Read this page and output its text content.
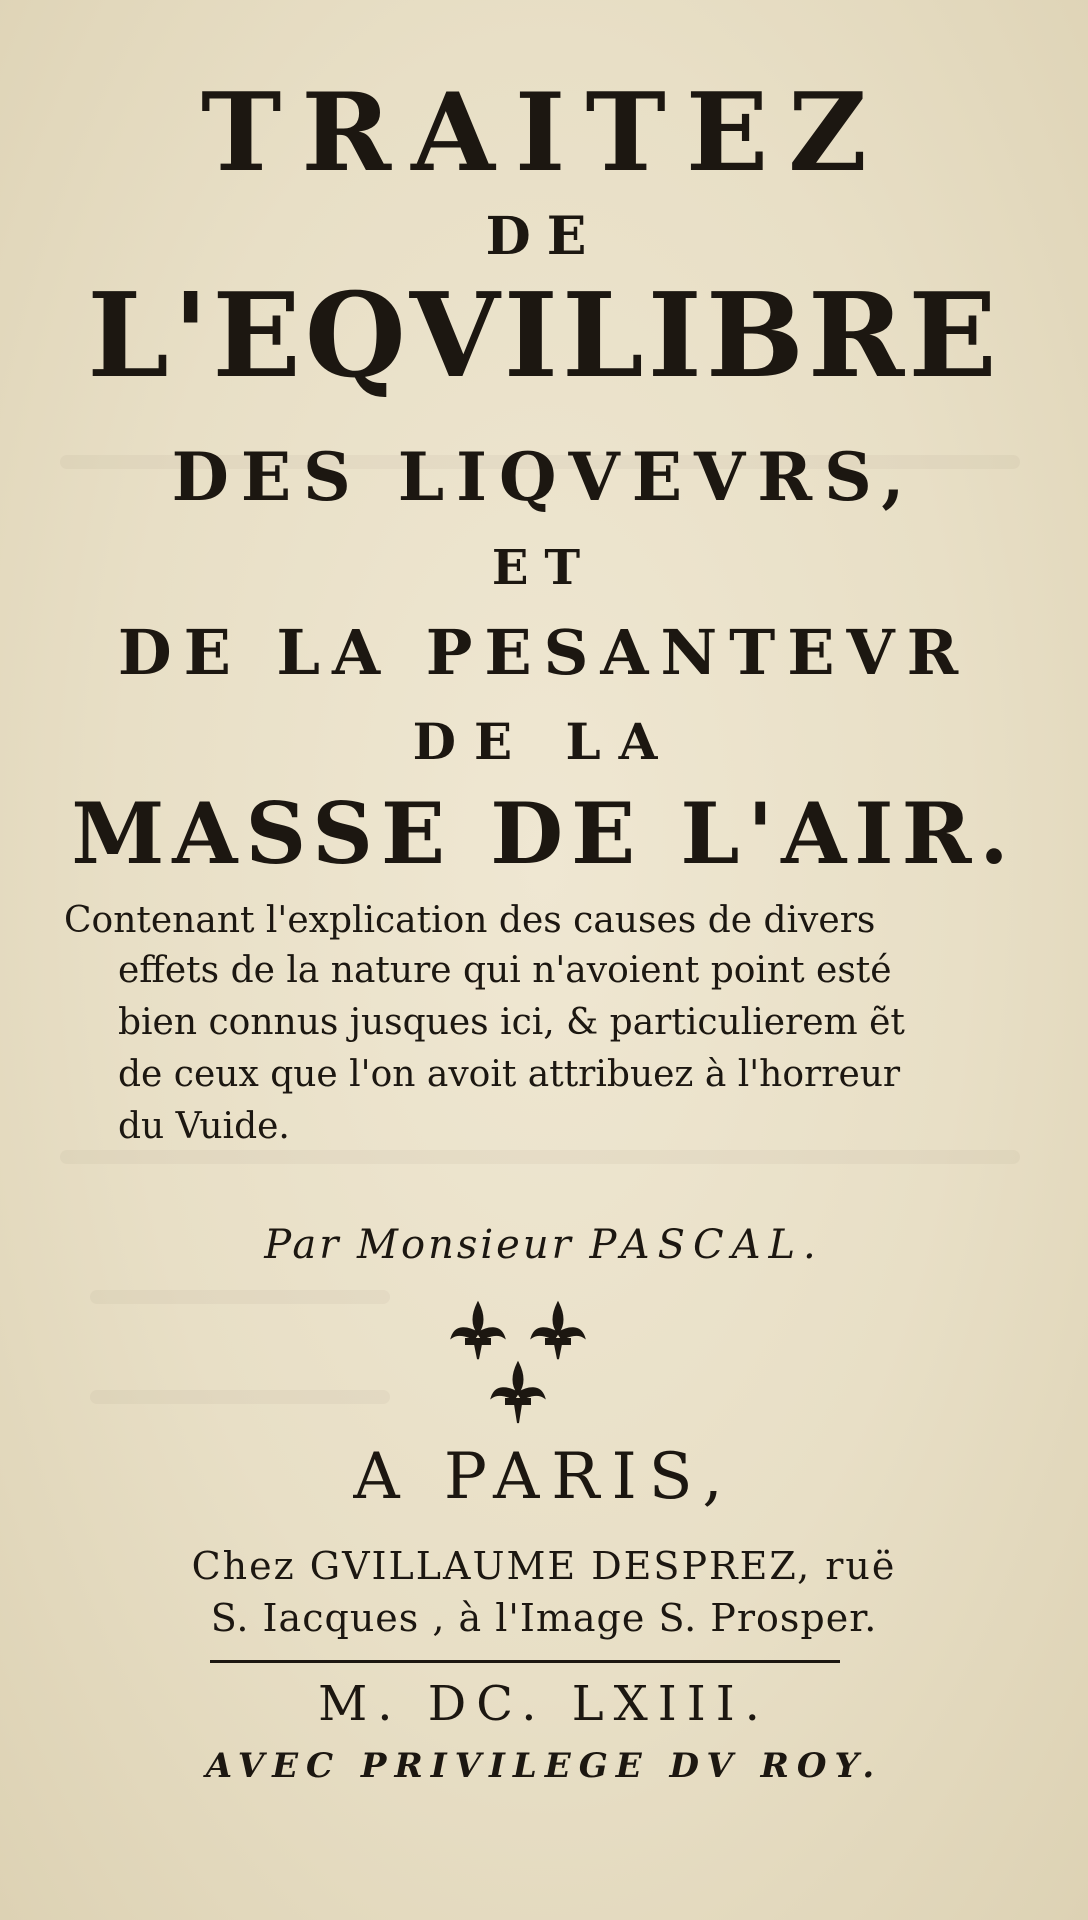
TRAITEZ
DE
L'EQVILIBRE
DES LIQVEVRS,
ET
DE LA PESANTEVR
DE LA
MASSE DE L'AIR.
Contenant l'explication des causes de divers
effets de la nature qui n'avoient point esté
bien connus jusques ici, & particulierem ẽt
de ceux que l'on avoit attribuez à l'horreur
du Vuide.
Par Monsieur PASCAL.
A PARIS,
Chez GVILLAUME DESPREZ, ruë
S. Iacques , à l'Image S. Prosper.
M. DC. LXIII.
AVEC PRIVILEGE DV ROY.
